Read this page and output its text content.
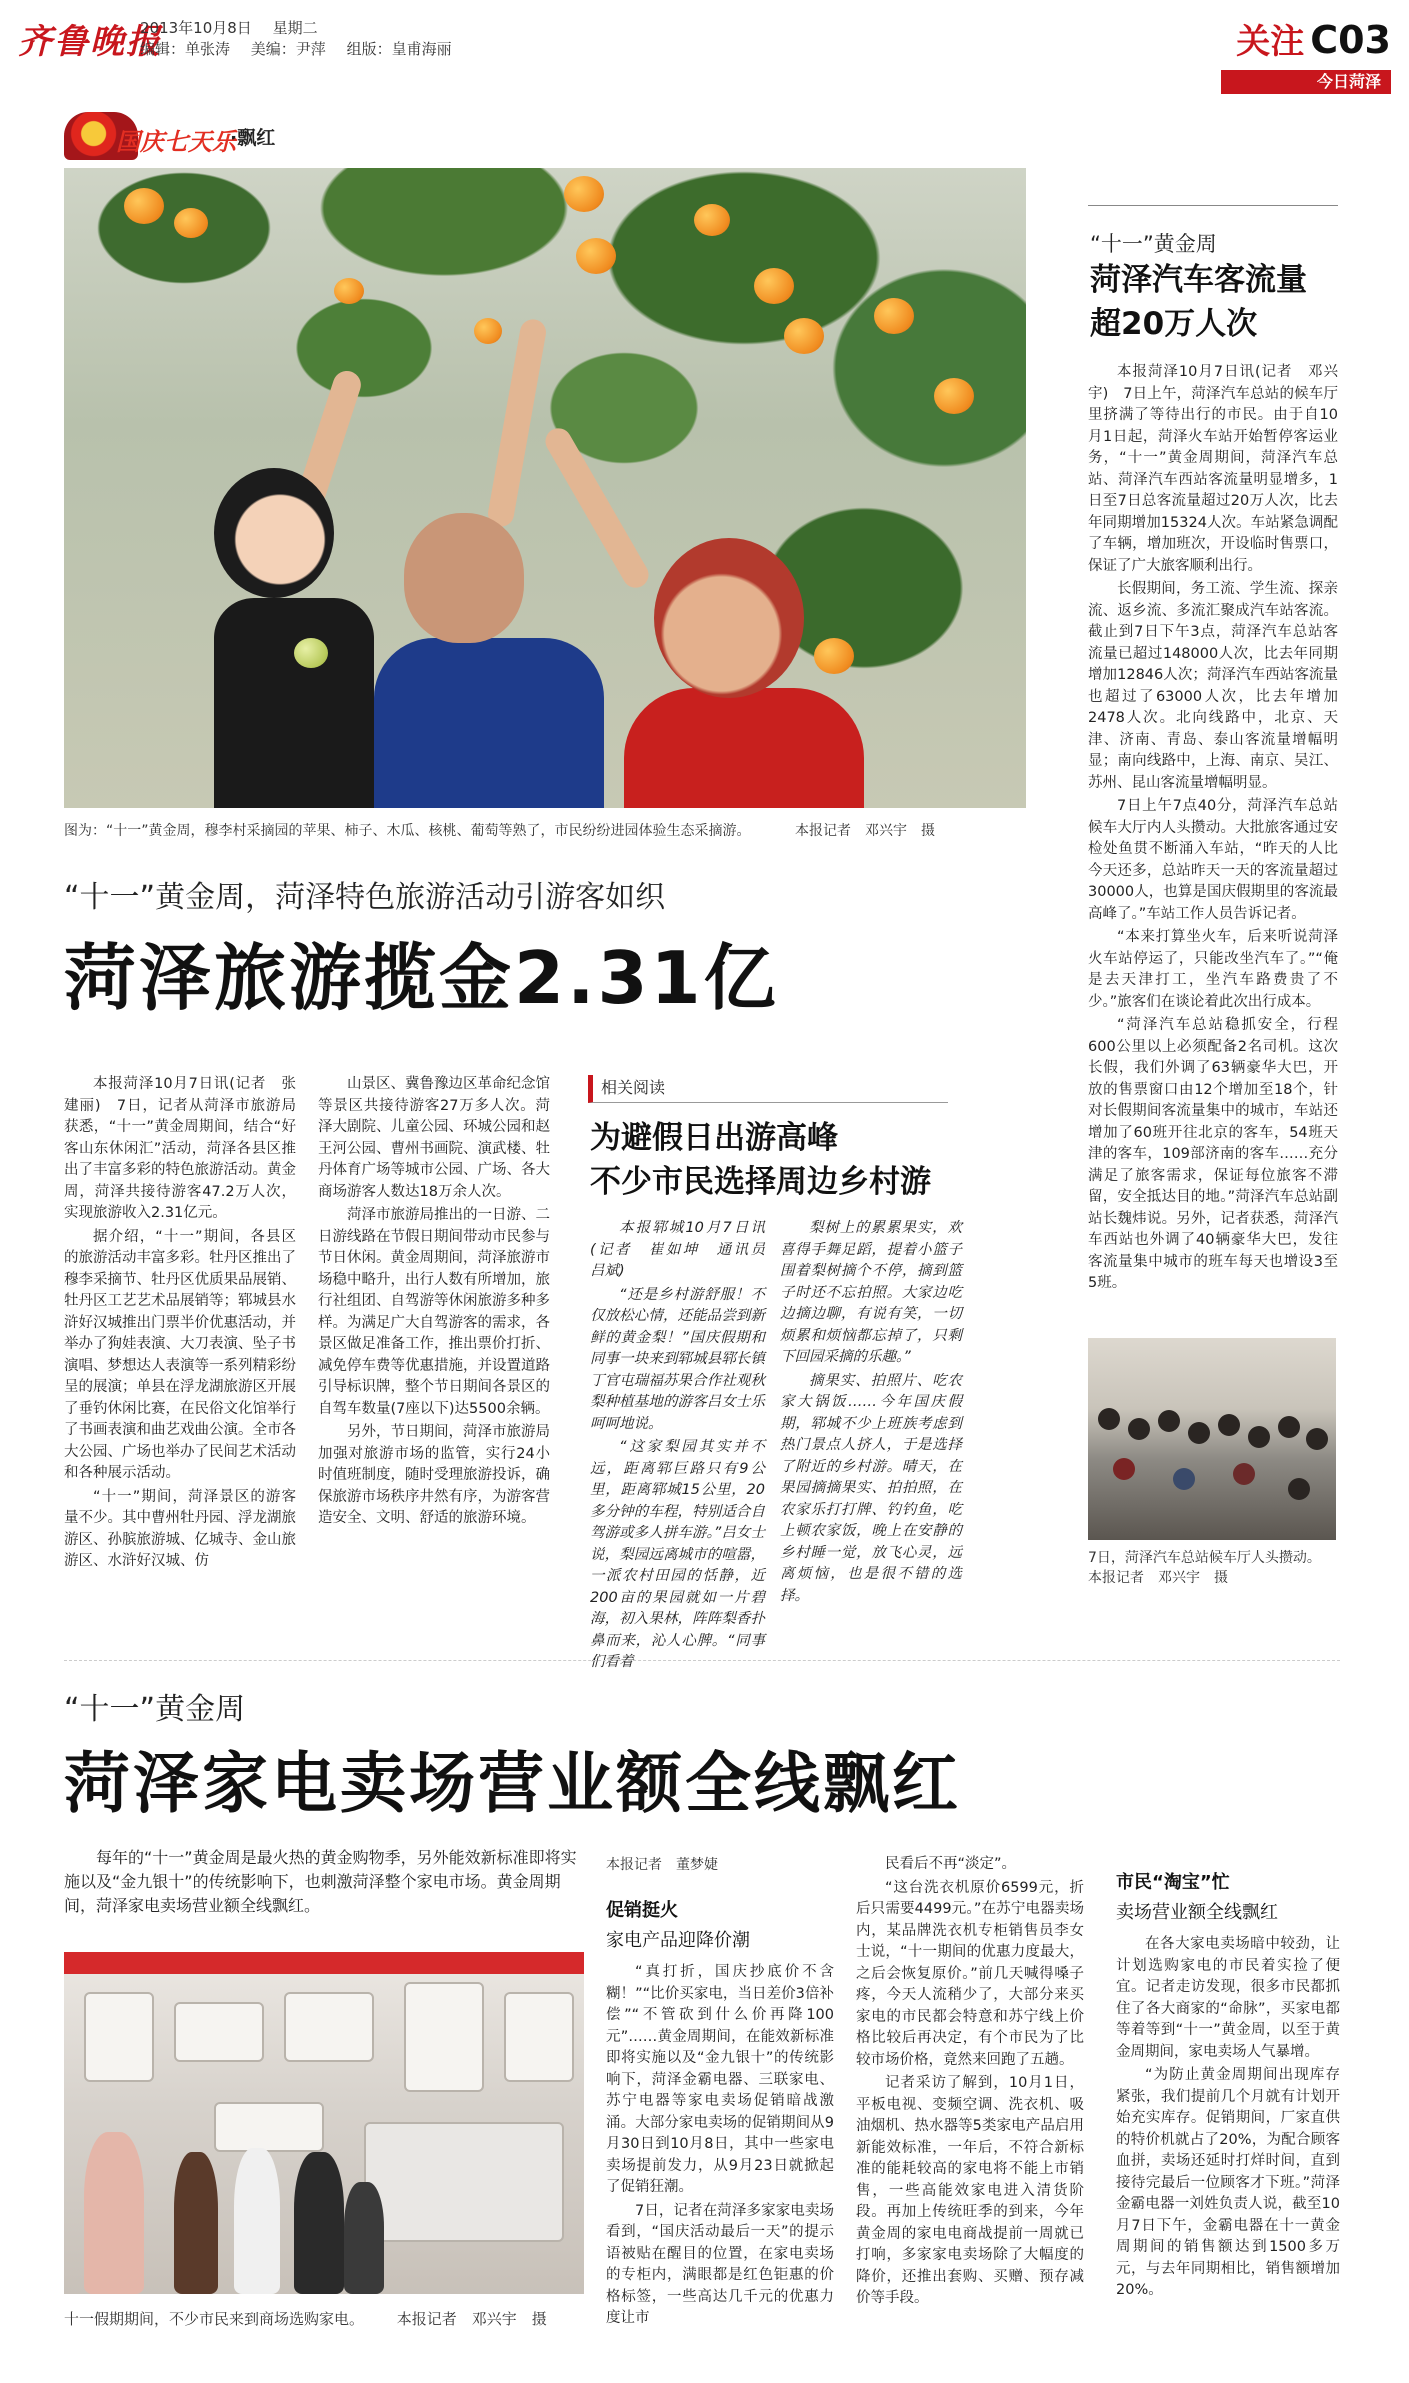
齐鲁晚报
2013年10月8日 星期二
编辑：单张涛 美编：尹萍 组版：皇甫海丽	关注 C03
今日菏泽
国庆七天乐
·飘红
图为：“十一”黄金周，穆李村采摘园的苹果、柿子、木瓜、核桃、葡萄等熟了，市民纷纷进园体验生态采摘游。	本报记者　邓兴宇　摄
“十一”黄金周，菏泽特色旅游活动引游客如织
菏泽旅游揽金2.31亿

本报菏泽10月7日讯(记者　张建丽)　7日，记者从菏泽市旅游局获悉，“十一”黄金周期间，结合“好客山东休闲汇”活动，菏泽各县区推出了丰富多彩的特色旅游活动。黄金周，菏泽共接待游客47.2万人次，实现旅游收入2.31亿元。

据介绍，“十一”期间，各县区的旅游活动丰富多彩。牡丹区推出了穆李采摘节、牡丹区优质果品展销、牡丹区工艺艺术品展销等；郓城县水浒好汉城推出门票半价优惠活动，并举办了狗娃表演、大刀表演、坠子书演唱、梦想达人表演等一系列精彩纷呈的展演；单县在浮龙湖旅游区开展了垂钓休闲比赛，在民俗文化馆举行了书画表演和曲艺戏曲公演。全市各大公园、广场也举办了民间艺术活动和各种展示活动。

“十一”期间，菏泽景区的游客量不少。其中曹州牡丹园、浮龙湖旅游区、孙膑旅游城、亿城寺、金山旅游区、水浒好汉城、仿

山景区、冀鲁豫边区革命纪念馆等景区共接待游客27万多人次。菏泽大剧院、儿童公园、环城公园和赵王河公园、曹州书画院、演武楼、牡丹体育广场等城市公园、广场、各大商场游客人数达18万余人次。

菏泽市旅游局推出的一日游、二日游线路在节假日期间带动市民参与节日休闲。黄金周期间，菏泽旅游市场稳中略升，出行人数有所增加，旅行社组团、自驾游等休闲旅游多种多样。为满足广大自驾游客的需求，各景区做足准备工作，推出票价打折、减免停车费等优惠措施，并设置道路引导标识牌，整个节日期间各景区的自驾车数量(7座以下)达5500余辆。

另外，节日期间，菏泽市旅游局加强对旅游市场的监管，实行24小时值班制度，随时受理旅游投诉，确保旅游市场秩序井然有序，为游客营造安全、文明、舒适的旅游环境。

相关阅读
为避假日出游高峰
不少市民选择周边乡村游

本报郓城10月7日讯(记者　崔如坤　通讯员　吕斌)

“还是乡村游舒服！不仅放松心情，还能品尝到新鲜的黄金梨！”国庆假期和同事一块来到郓城县郓长镇丁官屯瑞福苏果合作社观秋梨种植基地的游客吕女士乐呵呵地说。

“这家梨园其实并不远，距离郓巨路只有9公里，距离郓城15公里，20多分钟的车程，特别适合自驾游或多人拼车游。”吕女士说，梨园远离城市的喧嚣，一派农村田园的恬静，近200亩的果园就如一片碧海，初入果林，阵阵梨香扑鼻而来，沁人心脾。“同事们看着

梨树上的累累果实，欢喜得手舞足蹈，提着小篮子围着梨树摘个不停，摘到篮子时还不忘拍照。大家边吃边摘边聊，有说有笑，一切烦累和烦恼都忘掉了，只剩下回园采摘的乐趣。”

摘果实、拍照片、吃农家大锅饭……今年国庆假期，郓城不少上班族考虑到热门景点人挤人，于是选择了附近的乡村游。晴天，在果园摘摘果实、拍拍照，在农家乐打打牌、钓钓鱼，吃上顿农家饭，晚上在安静的乡村睡一觉，放飞心灵，远离烦恼，也是很不错的选择。

“十一”黄金周
菏泽汽车客流量
超20万人次

本报菏泽10月7日讯(记者　邓兴宇)　7日上午，菏泽汽车总站的候车厅里挤满了等待出行的市民。由于自10月1日起，菏泽火车站开始暂停客运业务，“十一”黄金周期间，菏泽汽车总站、菏泽汽车西站客流量明显增多，1日至7日总客流量超过20万人次，比去年同期增加15324人次。车站紧急调配了车辆，增加班次，开设临时售票口，保证了广大旅客顺利出行。

长假期间，务工流、学生流、探亲流、返乡流、多流汇聚成汽车站客流。截止到7日下午3点，菏泽汽车总站客流量已超过148000人次，比去年同期增加12846人次；菏泽汽车西站客流量也超过了63000人次，比去年增加2478人次。北向线路中，北京、天津、济南、青岛、泰山客流量增幅明显；南向线路中，上海、南京、吴江、苏州、昆山客流量增幅明显。

7日上午7点40分，菏泽汽车总站候车大厅内人头攒动。大批旅客通过安检处鱼贯不断涌入车站，“昨天的人比今天还多，总站昨天一天的客流量超过30000人，也算是国庆假期里的客流最高峰了。”车站工作人员告诉记者。

“本来打算坐火车，后来听说菏泽火车站停运了，只能改坐汽车了。”“俺是去天津打工，坐汽车路费贵了不少。”旅客们在谈论着此次出行成本。

“菏泽汽车总站稳抓安全，行程600公里以上必须配备2名司机。这次长假，我们外调了63辆豪华大巴，开放的售票窗口由12个增加至18个，针对长假期间客流量集中的城市，车站还增加了60班开往北京的客车，54班天津的客车，109部济南的客车……充分满足了旅客需求，保证每位旅客不滞留，安全抵达目的地。”菏泽汽车总站副站长魏炜说。另外，记者获悉，菏泽汽车西站也外调了40辆豪华大巴，发往客流量集中城市的班车每天也增设3至5班。

7日，菏泽汽车总站候车厅人头攒动。　本报记者　邓兴宇　摄
“十一”黄金周
菏泽家电卖场营业额全线飘红
每年的“十一”黄金周是最火热的黄金购物季，另外能效新标准即将实施以及“金九银十”的传统影响下，也刺激菏泽整个家电市场。黄金周期间，菏泽家电卖场营业额全线飘红。
十一假期期间，不少市民来到商场选购家电。 本报记者　邓兴宇　摄
本报记者　董梦婕
促销挺火
家电产品迎降价潮

“真打折，国庆抄底价不含糊！”“比价买家电，当日差价3倍补偿”“不管砍到什么价再降100元”……黄金周期间，在能效新标准即将实施以及“金九银十”的传统影响下，菏泽金霸电器、三联家电、苏宁电器等家电卖场促销暗战激涌。大部分家电卖场的促销期间从9月30日到10月8日，其中一些家电卖场提前发力，从9月23日就掀起了促销狂潮。

7日，记者在菏泽多家家电卖场看到，“国庆活动最后一天”的提示语被贴在醒目的位置，在家电卖场的专柜内，满眼都是红色钜惠的价格标签，一些高达几千元的优惠力度让市

民看后不再“淡定”。

“这台洗衣机原价6599元，折后只需要4499元。”在苏宁电器卖场内，某品牌洗衣机专柜销售员李女士说，“十一期间的优惠力度最大，之后会恢复原价。”前几天喊得嗓子疼，今天人流稍少了，大部分来买家电的市民都会特意和苏宁线上价格比较后再决定，有个市民为了比较市场价格，竟然来回跑了五趟。

记者采访了解到，10月1日，平板电视、变频空调、洗衣机、吸油烟机、热水器等5类家电产品启用新能效标准，一年后，不符合新标准的能耗较高的家电将不能上市销售，一些高能效家电进入清货阶段。再加上传统旺季的到来，今年黄金周的家电电商战提前一周就已打响，多家家电卖场除了大幅度的降价，还推出套购、买赠、预存减价等手段。

市民“淘宝”忙
卖场营业额全线飘红

在各大家电卖场暗中较劲，让计划选购家电的市民着实捡了便宜。记者走访发现，很多市民都抓住了各大商家的“命脉”，买家电都等着等到“十一”黄金周，以至于黄金周期间，家电卖场人气暴增。

“为防止黄金周期间出现库存紧张，我们提前几个月就有计划开始充实库存。促销期间，厂家直供的特价机就占了20%，为配合顾客血拼，卖场还延时打烊时间，直到接待完最后一位顾客才下班。”菏泽金霸电器一刘姓负责人说，截至10月7日下午，金霸电器在十一黄金周期间的销售额达到1500多万元，与去年同期相比，销售额增加20%。
